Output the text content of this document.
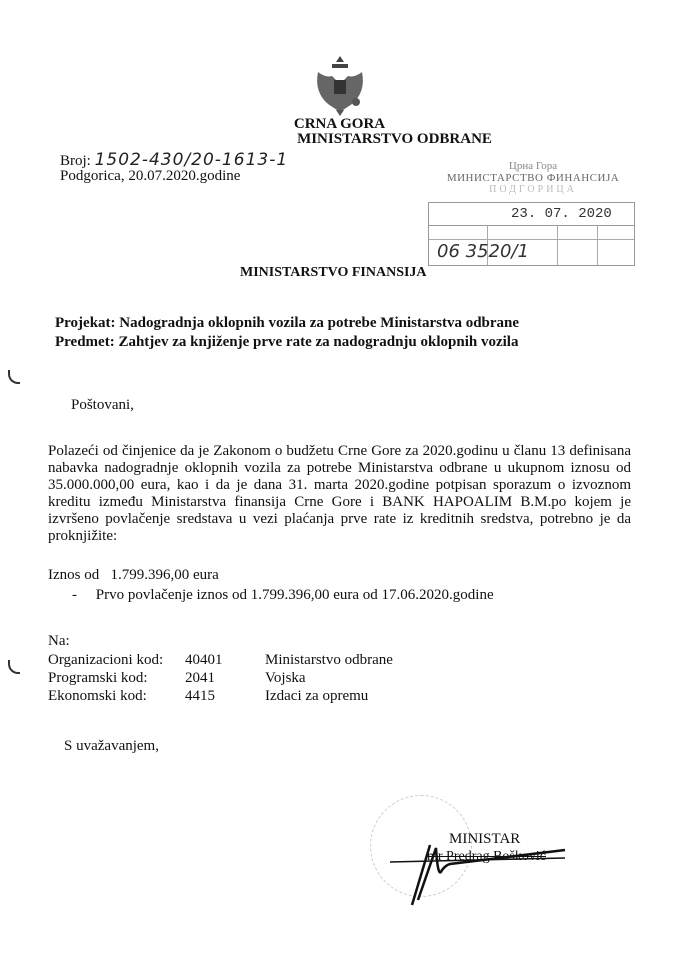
CRNA GORA
MINISTARSTVO ODBRANE
Broj: 1502-430/20-1613-1
Podgorica, 20.07.2020.godine
Црна Гора
МИНИСТАРСТВО ФИНАНСИЈА
ПОДГОРИЦА
23. 07. 2020
06 3520/1
MINISTARSTVO FINANSIJA
Projekat: Nadogradnja oklopnih vozila za potrebe Ministarstva odbrane
Predmet: Zahtjev za knjiženje prve rate za nadogradnju oklopnih vozila
Poštovani,
Polazeći od činjenice da je Zakonom o budžetu Crne Gore za 2020.godinu u članu 13 definisana nabavka nadogradnje oklopnih vozila za potrebe Ministarstva odbrane u ukupnom iznosu od 35.000.000,00 eura, kao i da je dana 31. marta 2020.godine potpisan sporazum o izvoznom kreditu između Ministarstva finansija Crne Gore i BANK HAPOALIM B.M.po kojem je izvršeno povlačenje sredstava u vezi plaćanja prve rate iz kreditnih sredstva, potrebno je da proknjižite:
Iznos od   1.799.396,00 eura
- Prvo povlačenje iznos od 1.799.396,00 eura od 17.06.2020.godine
Na:
Organizacioni kod:	40401	Ministarstvo odbrane
Programski kod:	2041	Vojska
Ekonomski kod:	4415	Izdaci za opremu
S uvažavanjem,
MINISTAR
mr Predrag Bošković
